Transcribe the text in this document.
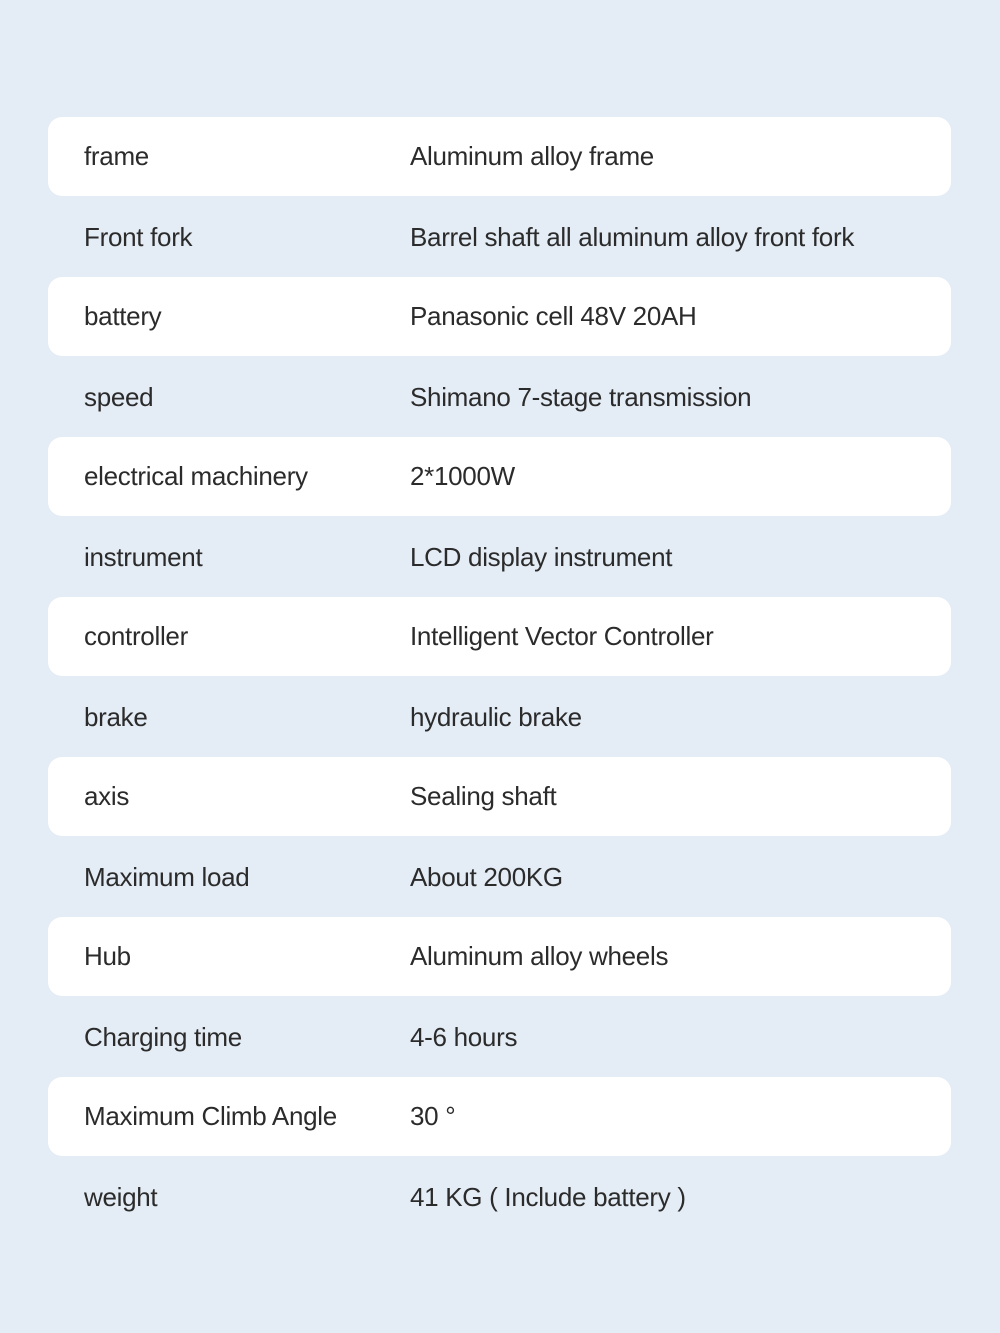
frame	Aluminum alloy frame
Front fork	Barrel shaft all aluminum alloy front fork
battery	Panasonic cell 48V 20AH
speed	Shimano 7-stage transmission
electrical machinery	2*1000W
instrument	LCD display instrument
controller	Intelligent Vector Controller
brake	hydraulic brake
axis	Sealing shaft
Maximum load	About 200KG
Hub	Aluminum alloy wheels
Charging time	4-6 hours
Maximum Climb Angle	30 °
weight	41 KG ( Include battery )
